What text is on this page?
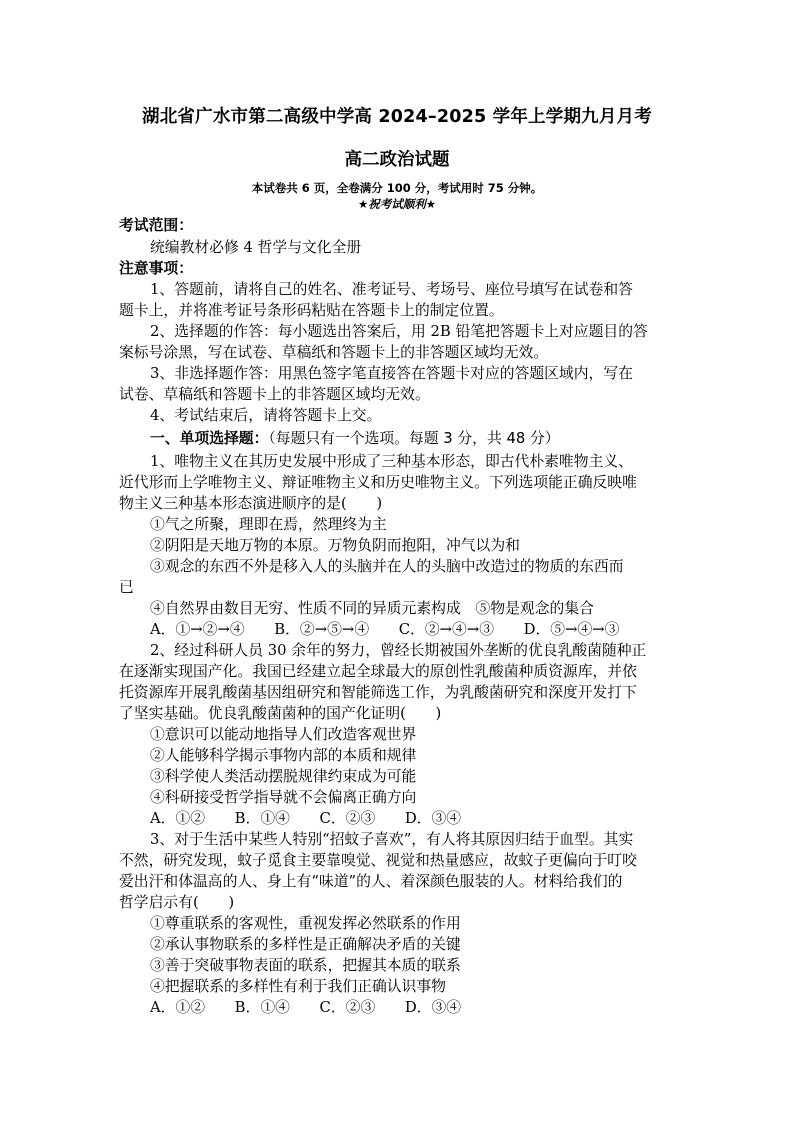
湖北省广水市第二高级中学高 2024–2025 学年上学期九月月考
高二政治试题
本试卷共 6 页，全卷满分 100 分，考试用时 75 分钟。
★祝考试顺利★
考试范围：
统编教材必修 4 哲学与文化全册
注意事项：
1、答题前，请将自己的姓名、准考证号、考场号、座位号填写在试卷和答
题卡上，并将准考证号条形码粘贴在答题卡上的制定位置。
2、选择题的作答：每小题选出答案后，用 2B 铅笔把答题卡上对应题目的答
案标号涂黑，写在试卷、草稿纸和答题卡上的非答题区域均无效。
3、非选择题作答：用黑色签字笔直接答在答题卡对应的答题区域内，写在
试卷、草稿纸和答题卡上的非答题区域均无效。
4、考试结束后，请将答题卡上交。
一、单项选择题：（每题只有一个选项。每题 3 分，共 48 分）
1、唯物主义在其历史发展中形成了三种基本形态，即古代朴素唯物主义、
近代形而上学唯物主义、辩证唯物主义和历史唯物主义。下列选项能正确反映唯
物主义三种基本形态演进顺序的是(　　)
①气之所聚，理即在焉，然理终为主
②阴阳是天地万物的本原。万物负阴而抱阳，冲气以为和
③观念的东西不外是移入人的头脑并在人的头脑中改造过的物质的东西而
已
④自然界由数目无穷、性质不同的异质元素构成　⑤物是观念的集合
A．①→②→④　　B．②→⑤→④　　C．②→④→③　　D．⑤→④→③
2、经过科研人员 30 余年的努力，曾经长期被国外垄断的优良乳酸菌随种正
在逐渐实现国产化。我国已经建立起全球最大的原创性乳酸菌种质资源库，并依
托资源库开展乳酸菌基因组研究和智能筛选工作，为乳酸菌研究和深度开发打下
了坚实基础。优良乳酸菌菌种的国产化证明(　　)
①意识可以能动地指导人们改造客观世界
②人能够科学揭示事物内部的本质和规律
③科学使人类活动摆脱规律约束成为可能
④科研接受哲学指导就不会偏离正确方向
A．①②　　B．①④　　C．②③　　D．③④
3、对于生活中某些人特别“招蚊子喜欢”，有人将其原因归结于血型。其实
不然，研究发现，蚊子觅食主要靠嗅觉、视觉和热量感应，故蚊子更偏向于叮咬
爱出汗和体温高的人、身上有“味道”的人、着深颜色服装的人。材料给我们的
哲学启示有(　　)
①尊重联系的客观性，重视发挥必然联系的作用
②承认事物联系的多样性是正确解决矛盾的关键
③善于突破事物表面的联系，把握其本质的联系
④把握联系的多样性有利于我们正确认识事物
A．①②　　B．①④　　C．②③　　D．③④
